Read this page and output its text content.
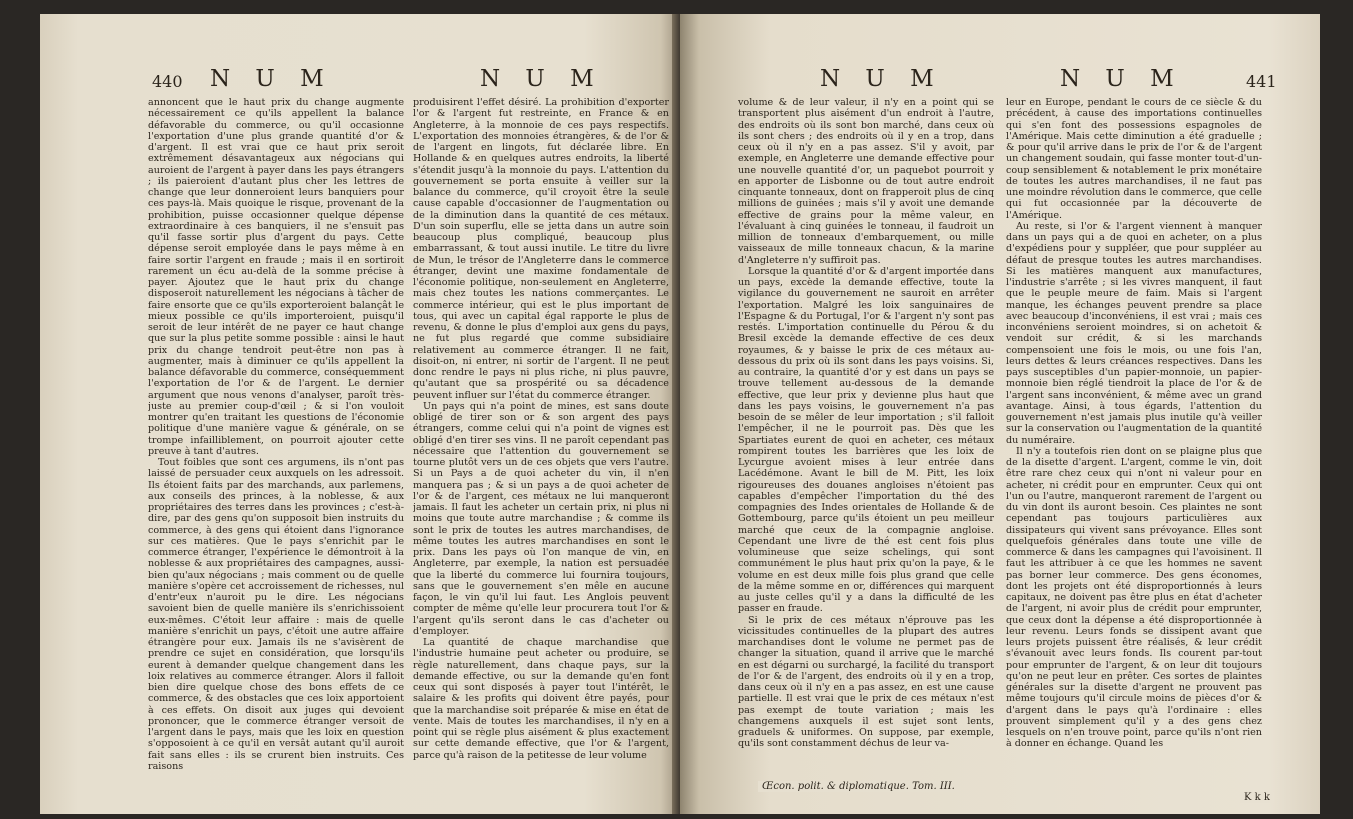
440 N U M	N U M

annoncent que le haut prix du change augmente nécessairement ce qu'ils appellent la balance défavorable du commerce, ou qu'il occasionne l'exportation d'une plus grande quantité d'or & d'argent. Il est vrai que ce haut prix seroit extrêmement désavantageux aux négocians qui auroient de l'argent à payer dans les pays étrangers ; ils paieroient d'autant plus cher les lettres de change que leur donneroient leurs banquiers pour ces pays-là. Mais quoique le risque, provenant de la prohibition, puisse occasionner quelque dépense extraordinaire à ces banquiers, il ne s'ensuit pas qu'il fasse sortir plus d'argent du pays. Cette dépense seroit employée dans le pays même à en faire sortir l'argent en fraude ; mais il en sortiroit rarement un écu au-delà de la somme précise à payer. Ajoutez que le haut prix du change disposeroit naturellement les négocians à tâcher de faire ensorte que ce qu'ils exporteroient balançât le mieux possible ce qu'ils importeroient, puisqu'il seroit de leur intérêt de ne payer ce haut change que sur la plus petite somme possible : ainsi le haut prix du change tendroit peut-être non pas à augmenter, mais à diminuer ce qu'ils appellent la balance défavorable du commerce, conséquemment l'exportation de l'or & de l'argent. Le dernier argument que nous venons d'analyser, paroît très-juste au premier coup-d'œil ; & si l'on vouloit montrer qu'en traitant les questions de l'économie politique d'une manière vague & générale, on se trompe infailliblement, on pourroit ajouter cette preuve à tant d'autres.

Tout foibles que sont ces argumens, ils n'ont pas laissé de persuader ceux auxquels on les adressoit. Ils étoient faits par des marchands, aux parlemens, aux conseils des princes, à la noblesse, & aux propriétaires des terres dans les provinces ; c'est-à-dire, par des gens qu'on supposoit bien instruits du commerce, à des gens qui étoient dans l'ignorance sur ces matières. Que le pays s'enrichit par le commerce étranger, l'expérience le démontroit à la noblesse & aux propriétaires des campagnes, aussi-bien qu'aux négocians ; mais comment ou de quelle manière s'opère cet accroissement de richesses, nul d'entr'eux n'auroit pu le dire. Les négocians savoient bien de quelle manière ils s'enrichissoient eux-mêmes. C'étoit leur affaire : mais de quelle manière s'enrichit un pays, c'étoit une autre affaire étrangère pour eux. Jamais ils ne s'avisèrent de prendre ce sujet en considération, que lorsqu'ils eurent à demander quelque changement dans les loix relatives au commerce étranger. Alors il falloit bien dire quelque chose des bons effets de ce commerce, & des obstacles que ces loix apportoient à ces effets. On disoit aux juges qui devoient prononcer, que le commerce étranger versoit de l'argent dans le pays, mais que les loix en question s'opposoient à ce qu'il en versât autant qu'il auroit fait sans elles : ils se crurent bien instruits. Ces raisons

produisirent l'effet désiré. La prohibition d'exporter l'or & l'argent fut restreinte, en France & en Angleterre, à la monnoie de ces pays respectifs. L'exportation des monnoies étrangères, & de l'or & de l'argent en lingots, fut déclarée libre. En Hollande & en quelques autres endroits, la liberté s'étendit jusqu'à la monnoie du pays. L'attention du gouvernement se porta ensuite à veiller sur la balance du commerce, qu'il croyoit être la seule cause capable d'occasionner de l'augmentation ou de la diminution dans la quantité de ces métaux. D'un soin superflu, elle se jetta dans un autre soin beaucoup plus compliqué, beaucoup plus embarrassant, & tout aussi inutile. Le titre du livre de Mun, le trésor de l'Angleterre dans le commerce étranger, devint une maxime fondamentale de l'économie politique, non-seulement en Angleterre, mais chez toutes les nations commerçantes. Le commerce intérieur, qui est le plus important de tous, qui avec un capital égal rapporte le plus de revenu, & donne le plus d'emploi aux gens du pays, ne fut plus regardé que comme subsidiaire relativement au commerce étranger. Il ne fait, disoit-on, ni entrer, ni sortir de l'argent. Il ne peut donc rendre le pays ni plus riche, ni plus pauvre, qu'autant que sa prospérité ou sa décadence peuvent influer sur l'état du commerce étranger.

Un pays qui n'a point de mines, est sans doute obligé de tirer son or & son argent des pays étrangers, comme celui qui n'a point de vignes est obligé d'en tirer ses vins. Il ne paroît cependant pas nécessaire que l'attention du gouvernement se tourne plutôt vers un de ces objets que vers l'autre. Si un Pays a de quoi acheter du vin, il n'en manquera pas ; & si un pays a de quoi acheter de l'or & de l'argent, ces métaux ne lui manqueront jamais. Il faut les acheter un certain prix, ni plus ni moins que toute autre marchandise ; & comme ils sont le prix de toutes les autres marchandises, de même toutes les autres marchandises en sont le prix. Dans les pays où l'on manque de vin, en Angleterre, par exemple, la nation est persuadée que la liberté du commerce lui fournira toujours, sans que le gouvernement s'en mêle en aucune façon, le vin qu'il lui faut. Les Anglois peuvent compter de même qu'elle leur procurera tout l'or & l'argent qu'ils seront dans le cas d'acheter ou d'employer.

La quantité de chaque marchandise que l'industrie humaine peut acheter ou produire, se règle naturellement, dans chaque pays, sur la demande effective, ou sur la demande qu'en font ceux qui sont disposés à payer tout l'intérêt, le salaire & les profits qui doivent être payés, pour que la marchandise soit préparée & mise en état de vente. Mais de toutes les marchandises, il n'y en a point qui se règle plus aisément & plus exactement sur cette demande effective, que l'or & l'argent, parce qu'à raison de la petitesse de leur volume

N U M	N U M	441

volume & de leur valeur, il n'y en a point qui se transportent plus aisément d'un endroit à l'autre, des endroits où ils sont bon marché, dans ceux où ils sont chers ; des endroits où il y en a trop, dans ceux où il n'y en a pas assez. S'il y avoit, par exemple, en Angleterre une demande effective pour une nouvelle quantité d'or, un paquebot pourroit y en apporter de Lisbonne ou de tout autre endroit cinquante tonneaux, dont on frapperoit plus de cinq millions de guinées ; mais s'il y avoit une demande effective de grains pour la même valeur, en l'évaluant à cinq guinées le tonneau, il faudroit un million de tonneaux d'embarquement, ou mille vaisseaux de mille tonneaux chacun, & la marine d'Angleterre n'y suffiroit pas.

Lorsque la quantité d'or & d'argent importée dans un pays, excède la demande effective, toute la vigilance du gouvernement ne sauroit en arrêter l'exportation. Malgré les loix sanguinaires de l'Espagne & du Portugal, l'or & l'argent n'y sont pas restés. L'importation continuelle du Pérou & du Bresil excède la demande effective de ces deux royaumes, & y baisse le prix de ces métaux au-dessous du prix où ils sont dans les pays voisins. Si, au contraire, la quantité d'or y est dans un pays se trouve tellement au-dessous de la demande effective, que leur prix y devienne plus haut que dans les pays voisins, le gouvernement n'a pas besoin de se mêler de leur importation ; s'il falloit l'empêcher, il ne le pourroit pas. Dès que les Spartiates eurent de quoi en acheter, ces métaux rompirent toutes les barrières que les loix de Lycurgue avoient mises à leur entrée dans Lacédémone. Avant le bill de M. Pitt, les loix rigoureuses des douanes angloises n'étoient pas capables d'empêcher l'importation du thé des compagnies des Indes orientales de Hollande & de Gottembourg, parce qu'ils étoient un peu meilleur marché que ceux de la compagnie angloise. Cependant une livre de thé est cent fois plus volumineuse que seize schelings, qui sont communément le plus haut prix qu'on la paye, & le volume en est deux mille fois plus grand que celle de la même somme en or, différences qui marquent au juste celles qu'il y a dans la difficulté de les passer en fraude.

Si le prix de ces métaux n'éprouve pas les vicissitudes continuelles de la plupart des autres marchandises dont le volume ne permet pas de changer la situation, quand il arrive que le marché en est dégarni ou surchargé, la facilité du transport de l'or & de l'argent, des endroits où il y en a trop, dans ceux où il n'y en a pas assez, en est une cause partielle. Il est vrai que le prix de ces métaux n'est pas exempt de toute variation ; mais les changemens auxquels il est sujet sont lents, graduels & uniformes. On suppose, par exemple, qu'ils sont constamment déchus de leur va-

leur en Europe, pendant le cours de ce siècle & du précédent, à cause des importations continuelles qui s'en font des possessions espagnoles de l'Amérique. Mais cette diminution a été graduelle ; & pour qu'il arrive dans le prix de l'or & de l'argent un changement soudain, qui fasse monter tout-d'un-coup sensiblement & notablement le prix monétaire de toutes les autres marchandises, il ne faut pas une moindre révolution dans le commerce, que celle qui fut occasionnée par la découverte de l'Amérique.

Au reste, si l'or & l'argent viennent à manquer dans un pays qui a de quoi en acheter, on a plus d'expédiens pour y suppléer, que pour suppléer au défaut de presque toutes les autres marchandises. Si les matières manquent aux manufactures, l'industrie s'arrête ; si les vivres manquent, il faut que le peuple meure de faim. Mais si l'argent manque, les échanges peuvent prendre sa place avec beaucoup d'inconvéniens, il est vrai ; mais ces inconvéniens seroient moindres, si on achetoit & vendoit sur crédit, & si les marchands compensoient une fois le mois, ou une fois l'an, leurs dettes & leurs créances respectives. Dans les pays susceptibles d'un papier-monnoie, un papier-monnoie bien réglé tiendroit la place de l'or & de l'argent sans inconvénient, & même avec un grand avantage. Ainsi, à tous égards, l'attention du gouvernement n'est jamais plus inutile qu'à veiller sur la conservation ou l'augmentation de la quantité du numéraire.

Il n'y a toutefois rien dont on se plaigne plus que de la disette d'argent. L'argent, comme le vin, doit être rare chez ceux qui n'ont ni valeur pour en acheter, ni crédit pour en emprunter. Ceux qui ont l'un ou l'autre, manqueront rarement de l'argent ou du vin dont ils auront besoin. Ces plaintes ne sont cependant pas toujours particulières aux dissipateurs qui vivent sans prévoyance. Elles sont quelquefois générales dans toute une ville de commerce & dans les campagnes qui l'avoisinent. Il faut les attribuer à ce que les hommes ne savent pas borner leur commerce. Des gens économes, dont les projets ont été disproportionnés à leurs capitaux, ne doivent pas être plus en état d'acheter de l'argent, ni avoir plus de crédit pour emprunter, que ceux dont la dépense a été disproportionnée à leur revenu. Leurs fonds se dissipent avant que leurs projets puissent être réalisés, & leur crédit s'évanouit avec leurs fonds. Ils courent par-tout pour emprunter de l'argent, & on leur dit toujours qu'on ne peut leur en prêter. Ces sortes de plaintes générales sur la disette d'argent ne prouvent pas même toujours qu'il circule moins de pièces d'or & d'argent dans le pays qu'à l'ordinaire : elles prouvent simplement qu'il y a des gens chez lesquels on n'en trouve point, parce qu'ils n'ont rien à donner en échange. Quand les

Œcon. polit. & diplomatique. Tom. III.
K k k
